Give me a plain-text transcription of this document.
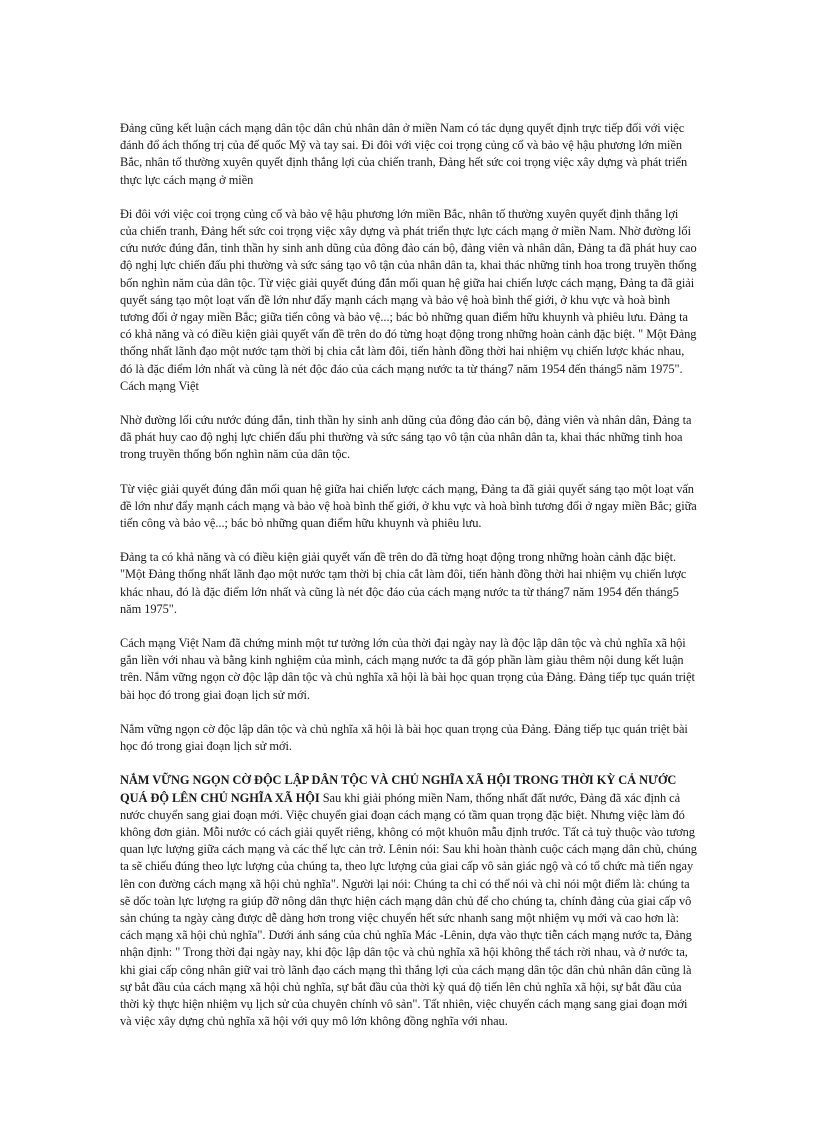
Đảng cũng kết luận cách mạng dân tộc dân chủ nhân dân ở miền Nam có tác dụng quyết định trực tiếp đối với việc đánh đổ ách thống trị của đế quốc Mỹ và tay sai. Đi đôi với việc coi trọng củng cố và bảo vệ hậu phương lớn miền Bắc, nhân tố thường xuyên quyết định thắng lợi của chiến tranh, Đảng hết sức coi trọng việc xây dựng và phát triển thực lực cách mạng ở miền

Đi đôi với việc coi trọng củng cố và bảo vệ hậu phương lớn miền Bắc, nhân tố thường xuyên quyết định thắng lợi của chiến tranh, Đảng hết sức coi trọng việc xây dựng và phát triển thực lực cách mạng ở miền Nam. Nhờ đường lối cứu nước đúng đắn, tinh thần hy sinh anh dũng của đông đảo cán bộ, đảng viên và nhân dân, Đảng ta đã phát huy cao độ nghị lực chiến đấu phi thường và sức sáng tạo vô tận của nhân dân ta, khai thác những tinh hoa trong truyền thống bốn nghìn năm của dân tộc. Từ việc giải quyết đúng đắn mối quan hệ giữa hai chiến lược cách mạng, Đảng ta đã giải quyết sáng tạo một loạt vấn đề lớn như đẩy mạnh cách mạng và bảo vệ hoà bình thế giới, ở khu vực và hoà bình tương đối ở ngay miền Bắc; giữa tiến công và bảo vệ...; bác bỏ những quan điểm hữu khuynh và phiêu lưu. Đảng ta có khả năng và có điều kiện giải quyết vấn đề trên do đó từng hoạt động trong những hoàn cảnh đặc biệt. " Một Đảng thống nhất lãnh đạo một nước tạm thời bị chia cắt làm đôi, tiến hành đồng thời hai nhiệm vụ chiến lược khác nhau, đó là đặc điểm lớn nhất và cũng là nét độc đáo của cách mạng nước ta từ tháng7 năm 1954 đến tháng5 năm 1975". Cách mạng Việt

Nhờ đường lối cứu nước đúng đắn, tinh thần hy sinh anh dũng của đông đảo cán bộ, đảng viên và nhân dân, Đảng ta đã phát huy cao độ nghị lực chiến đấu phi thường và sức sáng tạo vô tận của nhân dân ta, khai thác những tinh hoa trong truyền thống bốn nghìn năm của dân tộc.

Từ việc giải quyết đúng đắn mối quan hệ giữa hai chiến lược cách mạng, Đảng ta đã giải quyết sáng tạo một loạt vấn đề lớn như đẩy mạnh cách mạng và bảo vệ hoà bình thế giới, ở khu vực và hoà bình tương đối ở ngay miền Bắc; giữa tiến công và bảo vệ...; bác bỏ những quan điểm hữu khuynh và phiêu lưu.

Đảng ta có khả năng và có điều kiện giải quyết vấn đề trên do đã từng hoạt động trong những hoàn cảnh đặc biệt. "Một Đảng thống nhất lãnh đạo một nước tạm thời bị chia cắt làm đôi, tiến hành đồng thời hai nhiệm vụ chiến lược khác nhau, đó là đặc điểm lớn nhất và cũng là nét độc đáo của cách mạng nước ta từ tháng7 năm 1954 đến tháng5 năm 1975".

Cách mạng Việt Nam đã chứng minh một tư tưởng lớn của thời đại ngày nay là độc lập dân tộc và chủ nghĩa xã hội gắn liền với nhau và bằng kinh nghiệm của mình, cách mạng nước ta đã góp phần làm giàu thêm nội dung kết luận trên. Nắm vững ngọn cờ độc lập dân tộc và chủ nghĩa xã hội là bài học quan trọng của Đảng. Đảng tiếp tục quán triệt bài học đó trong giai đoạn lịch sử mới.

Nắm vững ngọn cờ độc lập dân tộc và chủ nghĩa xã hội là bài học quan trọng của Đảng. Đảng tiếp tục quán triệt bài học đó trong giai đoạn lịch sử mới.

NẮM VỮNG NGỌN CỜ ĐỘC LẬP DÂN TỘC VÀ CHỦ NGHĨA XÃ HỘI TRONG THỜI KỲ CẢ NƯỚC QUÁ ĐỘ LÊN CHỦ NGHĨA XÃ HỘI Sau khi giải phóng miền Nam, thống nhất đất nước, Đảng đã xác định cả nước chuyển sang giai đoạn mới. Việc chuyển giai đoạn cách mạng có tầm quan trọng đặc biệt. Nhưng việc làm đó không đơn giản. Mỗi nước có cách giải quyết riêng, không có một khuôn mẫu định trước. Tất cả tuỳ thuộc vào tương quan lực lượng giữa cách mạng và các thế lực cản trở. Lênin nói: Sau khi hoàn thành cuộc cách mạng dân chủ, chúng ta sẽ chiếu đúng theo lực lượng của chúng ta, theo lực lượng của giai cấp vô sản giác ngộ và có tổ chức mà tiến ngay lên con đường cách mạng xã hội chủ nghĩa". Người lại nói: Chúng ta chỉ có thể nói và chỉ nói một điểm là: chúng ta sẽ dốc toàn lực lượng ra giúp đỡ nông dân thực hiện cách mạng dân chủ để cho chúng ta, chính đảng của giai cấp vô sản chúng ta ngày càng được dễ dàng hơn trong việc chuyển hết sức nhanh sang một nhiệm vụ mới và cao hơn là: cách mạng xã hội chủ nghĩa". Dưới ánh sáng của chủ nghĩa Mác -Lênin, dựa vào thực tiễn cách mạng nước ta, Đảng nhận định: " Trong thời đại ngày nay, khi độc lập dân tộc và chủ nghĩa xã hội không thể tách rời nhau, và ở nước ta, khi giai cấp công nhân giữ vai trò lãnh đạo cách mạng thì thắng lợi của cách mạng dân tộc dân chủ nhân dân cũng là sự bắt đầu của cách mạng xã hội chủ nghĩa, sự bắt đầu của thời kỳ quá độ tiến lên chủ nghĩa xã hội, sự bắt đầu của thời kỳ thực hiện nhiệm vụ lịch sử của chuyên chính vô sản". Tất nhiên, việc chuyển cách mạng sang giai đoạn mới và việc xây dựng chủ nghĩa xã hội với quy mô lớn không đồng nghĩa với nhau.
